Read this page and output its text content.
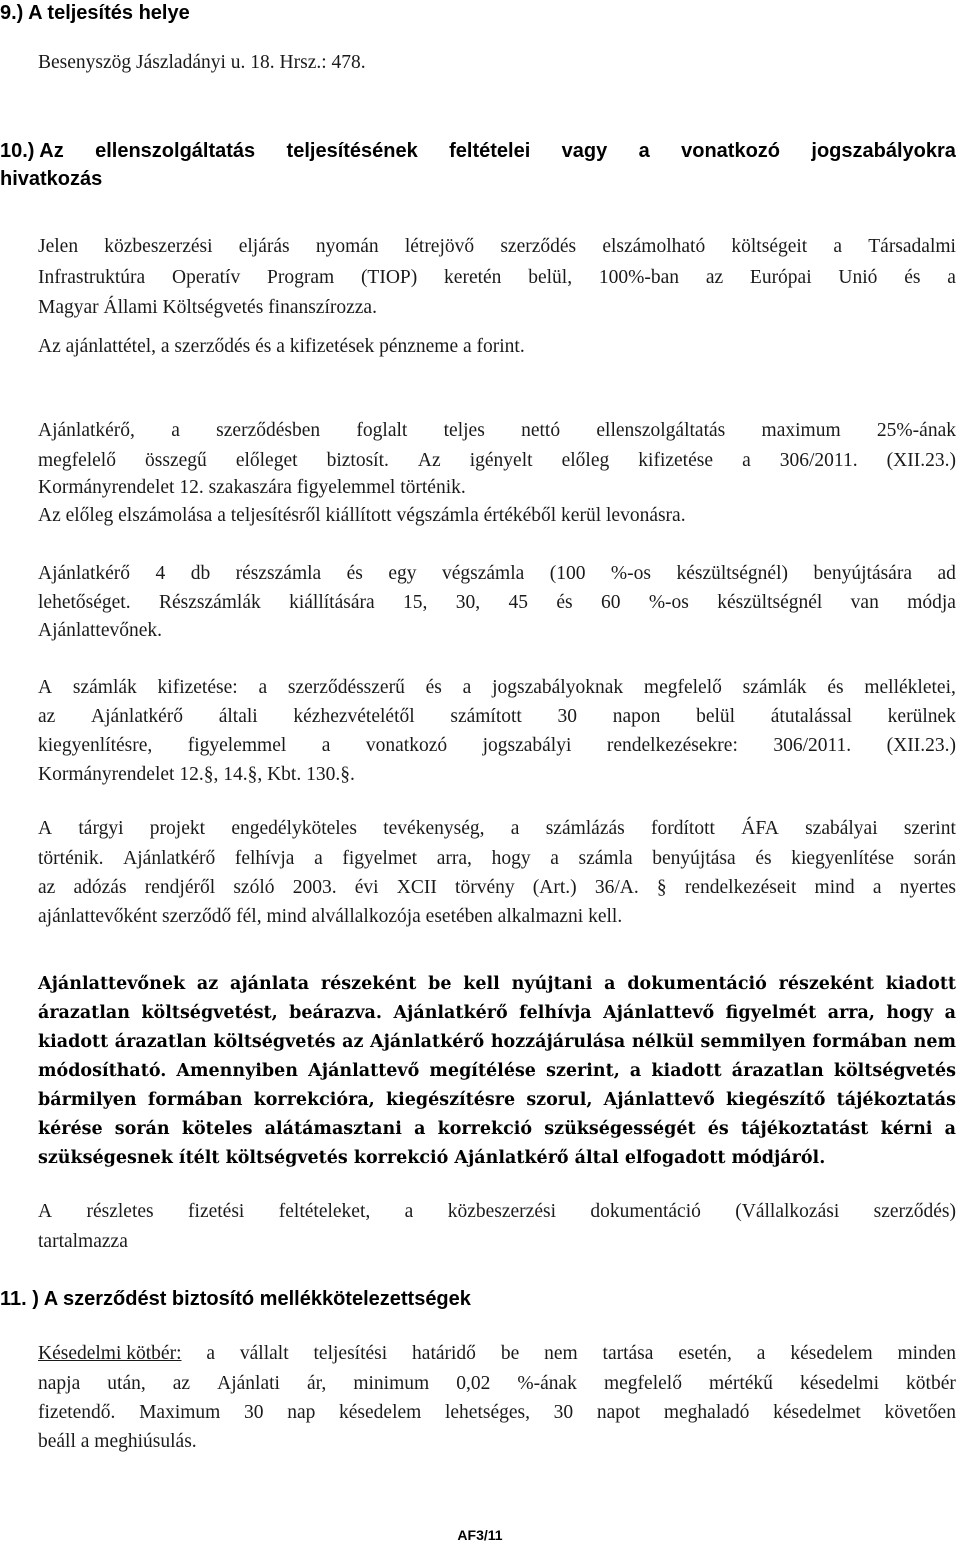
9.) A teljesítés helye
Besenyszög Jászladányi u. 18. Hrsz.: 478.
10.) Az ellenszolgáltatás teljesítésének feltételei vagy a vonatkozó jogszabályokra
hivatkozás
Jelen közbeszerzési eljárás nyomán létrejövő szerződés elszámolható költségeit a Társadalmi
Infrastruktúra Operatív Program (TIOP) keretén belül, 100%-ban az Európai Unió és a
Magyar Állami Költségvetés finanszírozza.
Az ajánlattétel, a szerződés és a kifizetések pénzneme a forint.
Ajánlatkérő, a szerződésben foglalt teljes nettó ellenszolgáltatás maximum 25%-ának
megfelelő összegű előleget biztosít. Az igényelt előleg kifizetése a 306/2011. (XII.23.)
Kormányrendelet 12. szakaszára figyelemmel történik.
Az előleg elszámolása a teljesítésről kiállított végszámla értékéből kerül levonásra.
Ajánlatkérő 4 db részszámla és egy végszámla (100 %-os készültségnél) benyújtására ad
lehetőséget. Részszámlák kiállítására 15, 30, 45 és 60 %-os készültségnél van módja
Ajánlattevőnek.
A számlák kifizetése: a szerződésszerű és a jogszabályoknak megfelelő számlák és mellékletei,
az Ajánlatkérő általi kézhezvételétől számított 30 napon belül átutalással kerülnek
kiegyenlítésre, figyelemmel a vonatkozó jogszabályi rendelkezésekre: 306/2011. (XII.23.)
Kormányrendelet 12.§, 14.§, Kbt. 130.§.
A tárgyi projekt engedélyköteles tevékenység, a számlázás fordított ÁFA szabályai szerint
történik. Ajánlatkérő felhívja a figyelmet arra, hogy a számla benyújtása és kiegyenlítése során
az adózás rendjéről szóló 2003. évi XCII törvény (Art.) 36/A. § rendelkezéseit mind a nyertes
ajánlattevőként szerződő fél, mind alvállalkozója esetében alkalmazni kell.
Ajánlattevőnek az ajánlata részeként be kell nyújtani a dokumentáció részeként kiadott árazatlan költségvetést, beárazva. Ajánlatkérő felhívja Ajánlattevő figyelmét arra, hogy a kiadott árazatlan költségvetés az Ajánlatkérő hozzájárulása nélkül semmilyen formában nem módosítható. Amennyiben Ajánlattevő megítélése szerint, a kiadott árazatlan költségvetés bármilyen formában korrekcióra, kiegészítésre szorul, Ajánlattevő kiegészítő tájékoztatás kérése során köteles alátámasztani a korrekció szükségességét és tájékoztatást kérni a szükségesnek ítélt költségvetés korrekció Ajánlatkérő által elfogadott módjáról.
A részletes fizetési feltételeket, a közbeszerzési dokumentáció (Vállalkozási szerződés)
tartalmazza
11. ) A szerződést biztosító mellékkötelezettségek
Késedelmi kötbér: a vállalt teljesítési határidő be nem tartása esetén, a késedelem minden
napja után, az Ajánlati ár, minimum 0,02 %-ának megfelelő mértékű késedelmi kötbér
fizetendő. Maximum 30 nap késedelem lehetséges, 30 napot meghaladó késedelmet követően
beáll a meghiúsulás.
AF3/11
